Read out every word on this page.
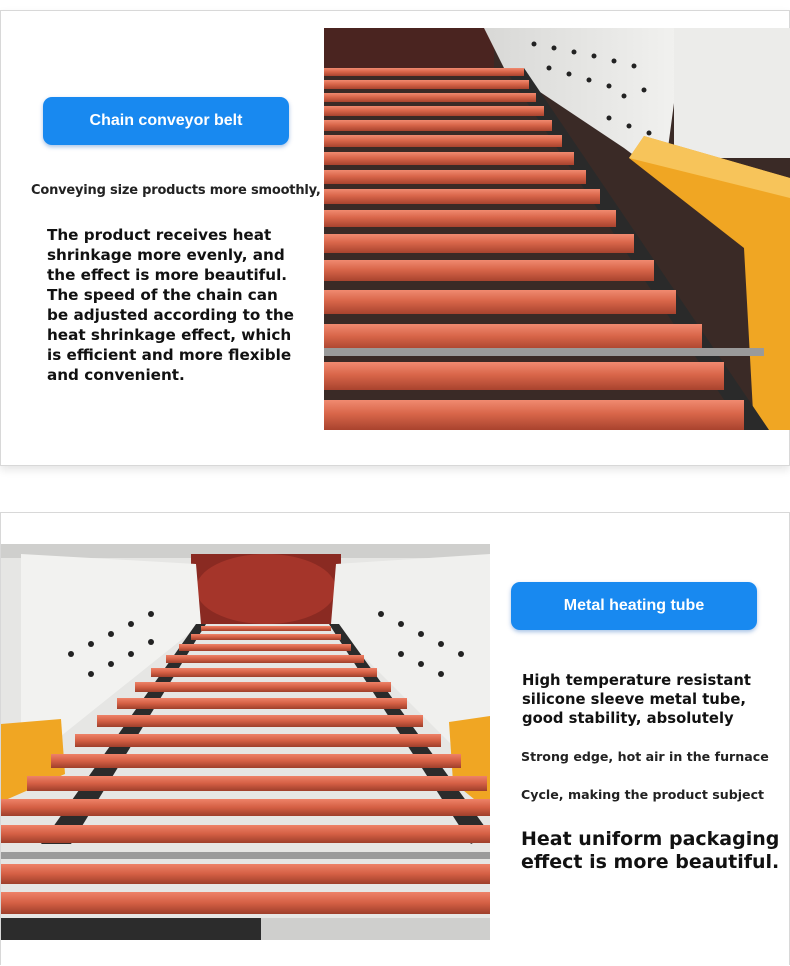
Chain conveyor belt
Conveying size products more smoothly,
The product receives heat shrinkage more evenly, and the effect is more beautiful. The speed of the chain can be adjusted according to the heat shrinkage effect, which is efficient and more flexible and convenient.
Metal heating tube
High temperature resistant silicone sleeve metal tube, good stability, absolutely
Strong edge, hot air in the furnace
Cycle, making the product subject
Heat uniform packaging effect is more beautiful.
